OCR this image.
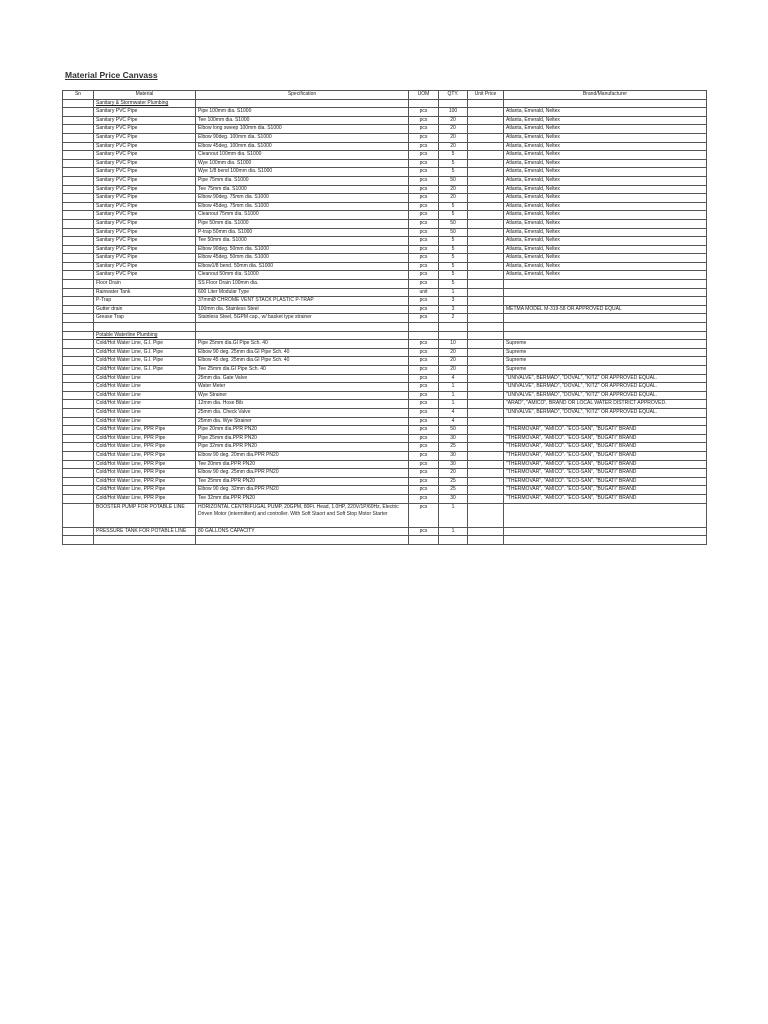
Material Price Canvass
Sn	Material	Specification	UOM	QTY.	Unit Price	Brand/Manufacturer
	Sanitary & Stormwater Plumbing					
	Sanitary PVC Pipe	Pipe 100mm dia. S1000	pcs	100		Atlanta, Emerald, Neltex
	Sanitary PVC Pipe	Tee 100mm dia. S1000	pcs	20		Atlanta, Emerald, Neltex
	Sanitary PVC Pipe	Elbow long sweep 100mm dia. S1000	pcs	20		Atlanta, Emerald, Neltex
	Sanitary PVC Pipe	Elbow 90deg. 100mm dia. S1000	pcs	20		Atlanta, Emerald, Neltex
	Sanitary PVC Pipe	Elbow 45deg. 100mm dia. S1000	pcs	20		Atlanta, Emerald, Neltex
	Sanitary PVC Pipe	Cleanout 100mm dia. S1000	pcs	5		Atlanta, Emerald, Neltex
	Sanitary PVC Pipe	Wye 100mm dia. S1000	pcs	5		Atlanta, Emerald, Neltex
	Sanitary PVC Pipe	Wye 1/8 bend 100mm dia. S1000	pcs	5		Atlanta, Emerald, Neltex
	Sanitary PVC Pipe	Pipe 75mm dia. S1000	pcs	50		Atlanta, Emerald, Neltex
	Sanitary PVC Pipe	Tee 75mm dia. S1000	pcs	20		Atlanta, Emerald, Neltex
	Sanitary PVC Pipe	Elbow 90deg. 75mm dia. S1000	pcs	20		Atlanta, Emerald, Neltex
	Sanitary PVC Pipe	Elbow 45deg. 75mm dia. S1000	pcs	5		Atlanta, Emerald, Neltex
	Sanitary PVC Pipe	Cleanout 75mm dia. S1000	pcs	5		Atlanta, Emerald, Neltex
	Sanitary PVC Pipe	Pipe 50mm dia. S1000	pcs	50		Atlanta, Emerald, Neltex
	Sanitary PVC Pipe	P-trap 50mm dia. S1000	pcs	50		Atlanta, Emerald, Neltex
	Sanitary PVC Pipe	Tee 50mm dia. S1000	pcs	5		Atlanta, Emerald, Neltex
	Sanitary PVC Pipe	Elbow 90deg. 50mm dia. S1000	pcs	5		Atlanta, Emerald, Neltex
	Sanitary PVC Pipe	Elbow 45deg. 50mm dia. S1000	pcs	5		Atlanta, Emerald, Neltex
	Sanitary PVC Pipe	Elbow1/8 bend. 50mm dia. S1000	pcs	5		Atlanta, Emerald, Neltex
	Sanitary PVC Pipe	Cleanout 50mm dia. S1000	pcs	5		Atlanta, Emerald, Neltex
	Floor Drain	SS Floor Drain 100mm dia.	pcs	5		
	Rainwater Tank	600 Liter Modular Type	unit	1		
	P-Trap	37mmØ CHROME VENT STACK PLASTIC P-TRAP	pcs	3		
	Gutter drain	100mm dia. Stainless Steel	pcs	3		METMA MODEL M-319-58 OR APPROVED EQUAL
	Grease Trap	Stainless Steel, 5GPM cap., w/ basket type strainer	pcs	2		

	Potable Waterline Plumbing					
	Cold/Hot Water Line, G.I. Pipe	Pipe 25mm dia.GI Pipe Sch. 40	pcs	10		Supreme
	Cold/Hot Water Line, G.I. Pipe	Elbow 90 deg. 25mm dia.GI Pipe Sch. 40	pcs	20		Supreme
	Cold/Hot Water Line, G.I. Pipe	Elbow 45 deg. 25mm dia.GI Pipe Sch. 40	pcs	20		Supreme
	Cold/Hot Water Line, G.I. Pipe	Tee 25mm dia.GI Pipe Sch. 40	pcs	20		Supreme
	Cold/Hot Water Line	25mm dia. Gate Valve	pcs	4		"UNIVALVE", BERMAD", "DOVAL", "KITZ" OR APPROVED EQUAL.
	Cold/Hot Water Line	Water Meter	pcs	1		"UNIVALVE", BERMAD", "DOVAL", "KITZ" OR APPROVED EQUAL.
	Cold/Hot Water Line	Wye Strainer	pcs	1		"UNIVALVE", BERMAD", "DOVAL", "KITZ" OR APPROVED EQUAL.
	Cold/Hot Water Line	12mm dia. Hose Bib	pcs	1		"ARAD", "AMICO", BRAND OR LOCAL WATER DISTRICT APPROVED.
	Cold/Hot Water Line	25mm dia. Check Valve	pcs	4		"UNIVALVE", BERMAD", "DOVAL", "KITZ" OR APPROVED EQUAL.
	Cold/Hot Water Line	25mm dia. Wye Strainer	pcs	4		
	Cold/Hot Water Line, PPR Pipe	Pipe 20mm dia.PPR PN20	pcs	50		"THERMOVAR", "AMICO". "ECO-SAN", "BUGATI" BRAND
	Cold/Hot Water Line, PPR Pipe	Pipe 25mm dia.PPR PN20	pcs	30		"THERMOVAR", "AMICO". "ECO-SAN", "BUGATI" BRAND
	Cold/Hot Water Line, PPR Pipe	Pipe 32mm dia.PPR PN20	pcs	25		"THERMOVAR", "AMICO". "ECO-SAN", "BUGATI" BRAND
	Cold/Hot Water Line, PPR Pipe	Elbow 90 deg. 20mm dia.PPR PN20	pcs	30		"THERMOVAR", "AMICO". "ECO-SAN", "BUGATI" BRAND
	Cold/Hot Water Line, PPR Pipe	Tee 20mm dia.PPR PN20	pcs	30		"THERMOVAR", "AMICO". "ECO-SAN", "BUGATI" BRAND
	Cold/Hot Water Line, PPR Pipe	Elbow 90 deg. 25mm dia.PPR PN20	pcs	20		"THERMOVAR", "AMICO". "ECO-SAN", "BUGATI" BRAND
	Cold/Hot Water Line, PPR Pipe	Tee 25mm dia.PPR PN20	pcs	25		"THERMOVAR", "AMICO". "ECO-SAN", "BUGATI" BRAND
	Cold/Hot Water Line, PPR Pipe	Elbow 90 deg. 32mm dia.PPR PN20	pcs	25		"THERMOVAR", "AMICO". "ECO-SAN", "BUGATI" BRAND
	Cold/Hot Water Line, PPR Pipe	Tee 32mm dia.PPR PN20	pcs	30		"THERMOVAR", "AMICO". "ECO-SAN", "BUGATI" BRAND
	BOOSTER PUMP FOR POTABLE LINE	HORIZONTAL CENTRIFUGAL PUMP, 20GPM, 80Ft. Head, 1.0HP, 220V/1P/60Hz, Electric Driven Motor (intermittent) and controller. With Soft Staort and Soft Stop Motor Starter	pcs	1		
	PRESSURE TANK FOR POTABLE LINE	80 GALLONS CAPACITY	pcs	1		
